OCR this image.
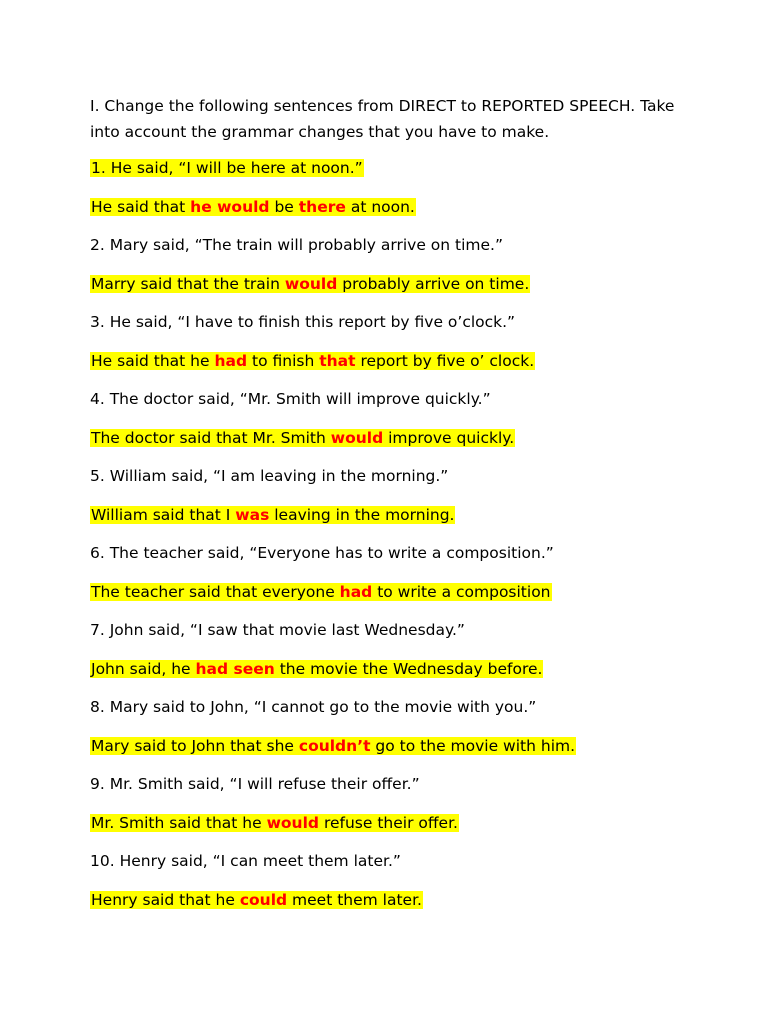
I. Change the following sentences from DIRECT to REPORTED SPEECH. Take into account the grammar changes that you have to make.
1. He said, “I will be here at noon.”
He said that he would be there at noon.
2. Mary said, “The train will probably arrive on time.”
Marry said that the train would probably arrive on time.
3. He said, “I have to finish this report by five o’clock.”
He said that he had to finish that report by five o’ clock.
4. The doctor said, “Mr. Smith will improve quickly.”
The doctor said that Mr. Smith would improve quickly.
5. William said, “I am leaving in the morning.”
William said that I was leaving in the morning.
6. The teacher said, “Everyone has to write a composition.”
The teacher said that everyone had to write a composition
7. John said, “I saw that movie last Wednesday.”
John said, he had seen the movie the Wednesday before.
8. Mary said to John, “I cannot go to the movie with you.”
Mary said to John that she couldn’t go to the movie with him.
9. Mr. Smith said, “I will refuse their offer.”
Mr. Smith said that he would refuse their offer.
10. Henry said, “I can meet them later.”
Henry said that he could meet them later.
